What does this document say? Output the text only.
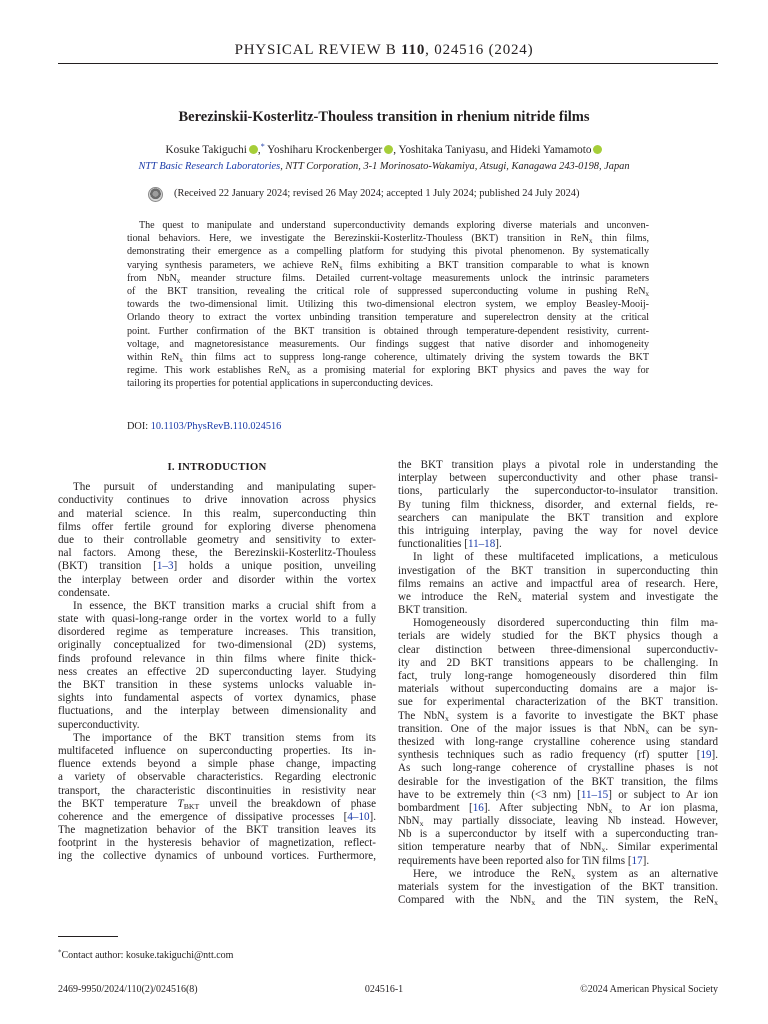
PHYSICAL REVIEW B 110, 024516 (2024)
Berezinskii-Kosterlitz-Thouless transition in rhenium nitride films
Kosuke Takiguchi ,* Yoshiharu Krockenberger , Yoshitaka Taniyasu, and Hideki Yamamoto
NTT Basic Research Laboratories, NTT Corporation, 3-1 Morinosato-Wakamiya, Atsugi, Kanagawa 243-0198, Japan
(Received 22 January 2024; revised 26 May 2024; accepted 1 July 2024; published 24 July 2024)
The quest to manipulate and understand superconductivity demands exploring diverse materials and unconven-
tional behaviors. Here, we investigate the Berezinskii-Kosterlitz-Thouless (BKT) transition in ReN$_x$ thin films,
demonstrating their emergence as a compelling platform for studying this pivotal phenomenon. By systematically
varying synthesis parameters, we achieve ReN$_x$ films exhibiting a BKT transition comparable to what is known
from NbN$_x$ meander structure films. Detailed current-voltage measurements unlock the intrinsic parameters
of the BKT transition, revealing the critical role of suppressed superconducting volume in pushing ReN$_x$
towards the two-dimensional limit. Utilizing this two-dimensional electron system, we employ Beasley-Mooij-
Orlando theory to extract the vortex unbinding transition temperature and superelectron density at the critical
point. Further confirmation of the BKT transition is obtained through temperature-dependent resistivity, current-
voltage, and magnetoresistance measurements. Our findings suggest that native disorder and inhomogeneity
within ReN$_x$ thin films act to suppress long-range coherence, ultimately driving the system towards the BKT
regime. This work establishes ReN$_x$ as a promising material for exploring BKT physics and paves the way for
tailoring its properties for potential applications in superconducting devices.
DOI: 10.1103/PhysRevB.110.024516
I. INTRODUCTION
The pursuit of understanding and manipulating super-
conductivity continues to drive innovation across physics
and material science. In this realm, superconducting thin
films offer fertile ground for exploring diverse phenomena
due to their controllable geometry and sensitivity to exter-
nal factors. Among these, the Berezinskii-Kosterlitz-Thouless
(BKT) transition [1–3] holds a unique position, unveiling
the interplay between order and disorder within the vortex
condensate.
In essence, the BKT transition marks a crucial shift from a
state with quasi-long-range order in the vortex world to a fully
disordered regime as temperature increases. This transition,
originally conceptualized for two-dimensional (2D) systems,
finds profound relevance in thin films where finite thick-
ness creates an effective 2D superconducting layer. Studying
the BKT transition in these systems unlocks valuable in-
sights into fundamental aspects of vortex dynamics, phase
fluctuations, and the interplay between dimensionality and
superconductivity.
The importance of the BKT transition stems from its
multifaceted influence on superconducting properties. Its in-
fluence extends beyond a simple phase change, impacting
a variety of observable characteristics. Regarding electronic
transport, the characteristic discontinuities in resistivity near
the BKT temperature $T_{BKT}$ unveil the breakdown of phase
coherence and the emergence of dissipative processes [4–10].
The magnetization behavior of the BKT transition leaves its
footprint in the hysteresis behavior of magnetization, reflect-
ing the collective dynamics of unbound vortices. Furthermore,
the BKT transition plays a pivotal role in understanding the
interplay between superconductivity and other phase transi-
tions, particularly the superconductor-to-insulator transition.
By tuning film thickness, disorder, and external fields, re-
searchers can manipulate the BKT transition and explore
this intriguing interplay, paving the way for novel device
functionalities [11–18].
In light of these multifaceted implications, a meticulous
investigation of the BKT transition in superconducting thin
films remains an active and impactful area of research. Here,
we introduce the ReN$_x$ material system and investigate the
BKT transition.
Homogeneously disordered superconducting thin film ma-
terials are widely studied for the BKT physics though a
clear distinction between three-dimensional superconductiv-
ity and 2D BKT transitions appears to be challenging. In
fact, truly long-range homogeneously disordered thin film
materials without superconducting domains are a major is-
sue for experimental characterization of the BKT transition.
The NbN$_x$ system is a favorite to investigate the BKT phase
transition. One of the major issues is that NbN$_x$ can be syn-
thesized with long-range crystalline coherence using standard
synthesis techniques such as radio frequency (rf) sputter [19].
As such long-range coherence of crystalline phases is not
desirable for the investigation of the BKT transition, the films
have to be extremely thin (<3 nm) [11–15] or subject to Ar ion
bombardment [16]. After subjecting NbN$_x$ to Ar ion plasma,
NbN$_x$ may partially dissociate, leaving Nb instead. However,
Nb is a superconductor by itself with a superconducting tran-
sition temperature nearby that of NbN$_x$. Similar experimental
requirements have been reported also for TiN films [17].
Here, we introduce the ReN$_x$ system as an alternative
materials system for the investigation of the BKT transition.
Compared with the NbN$_x$ and the TiN system, the ReN$_x$
*Contact author: kosuke.takiguchi@ntt.com
2469-9950/2024/110(2)/024516(8)	024516-1	©2024 American Physical Society
